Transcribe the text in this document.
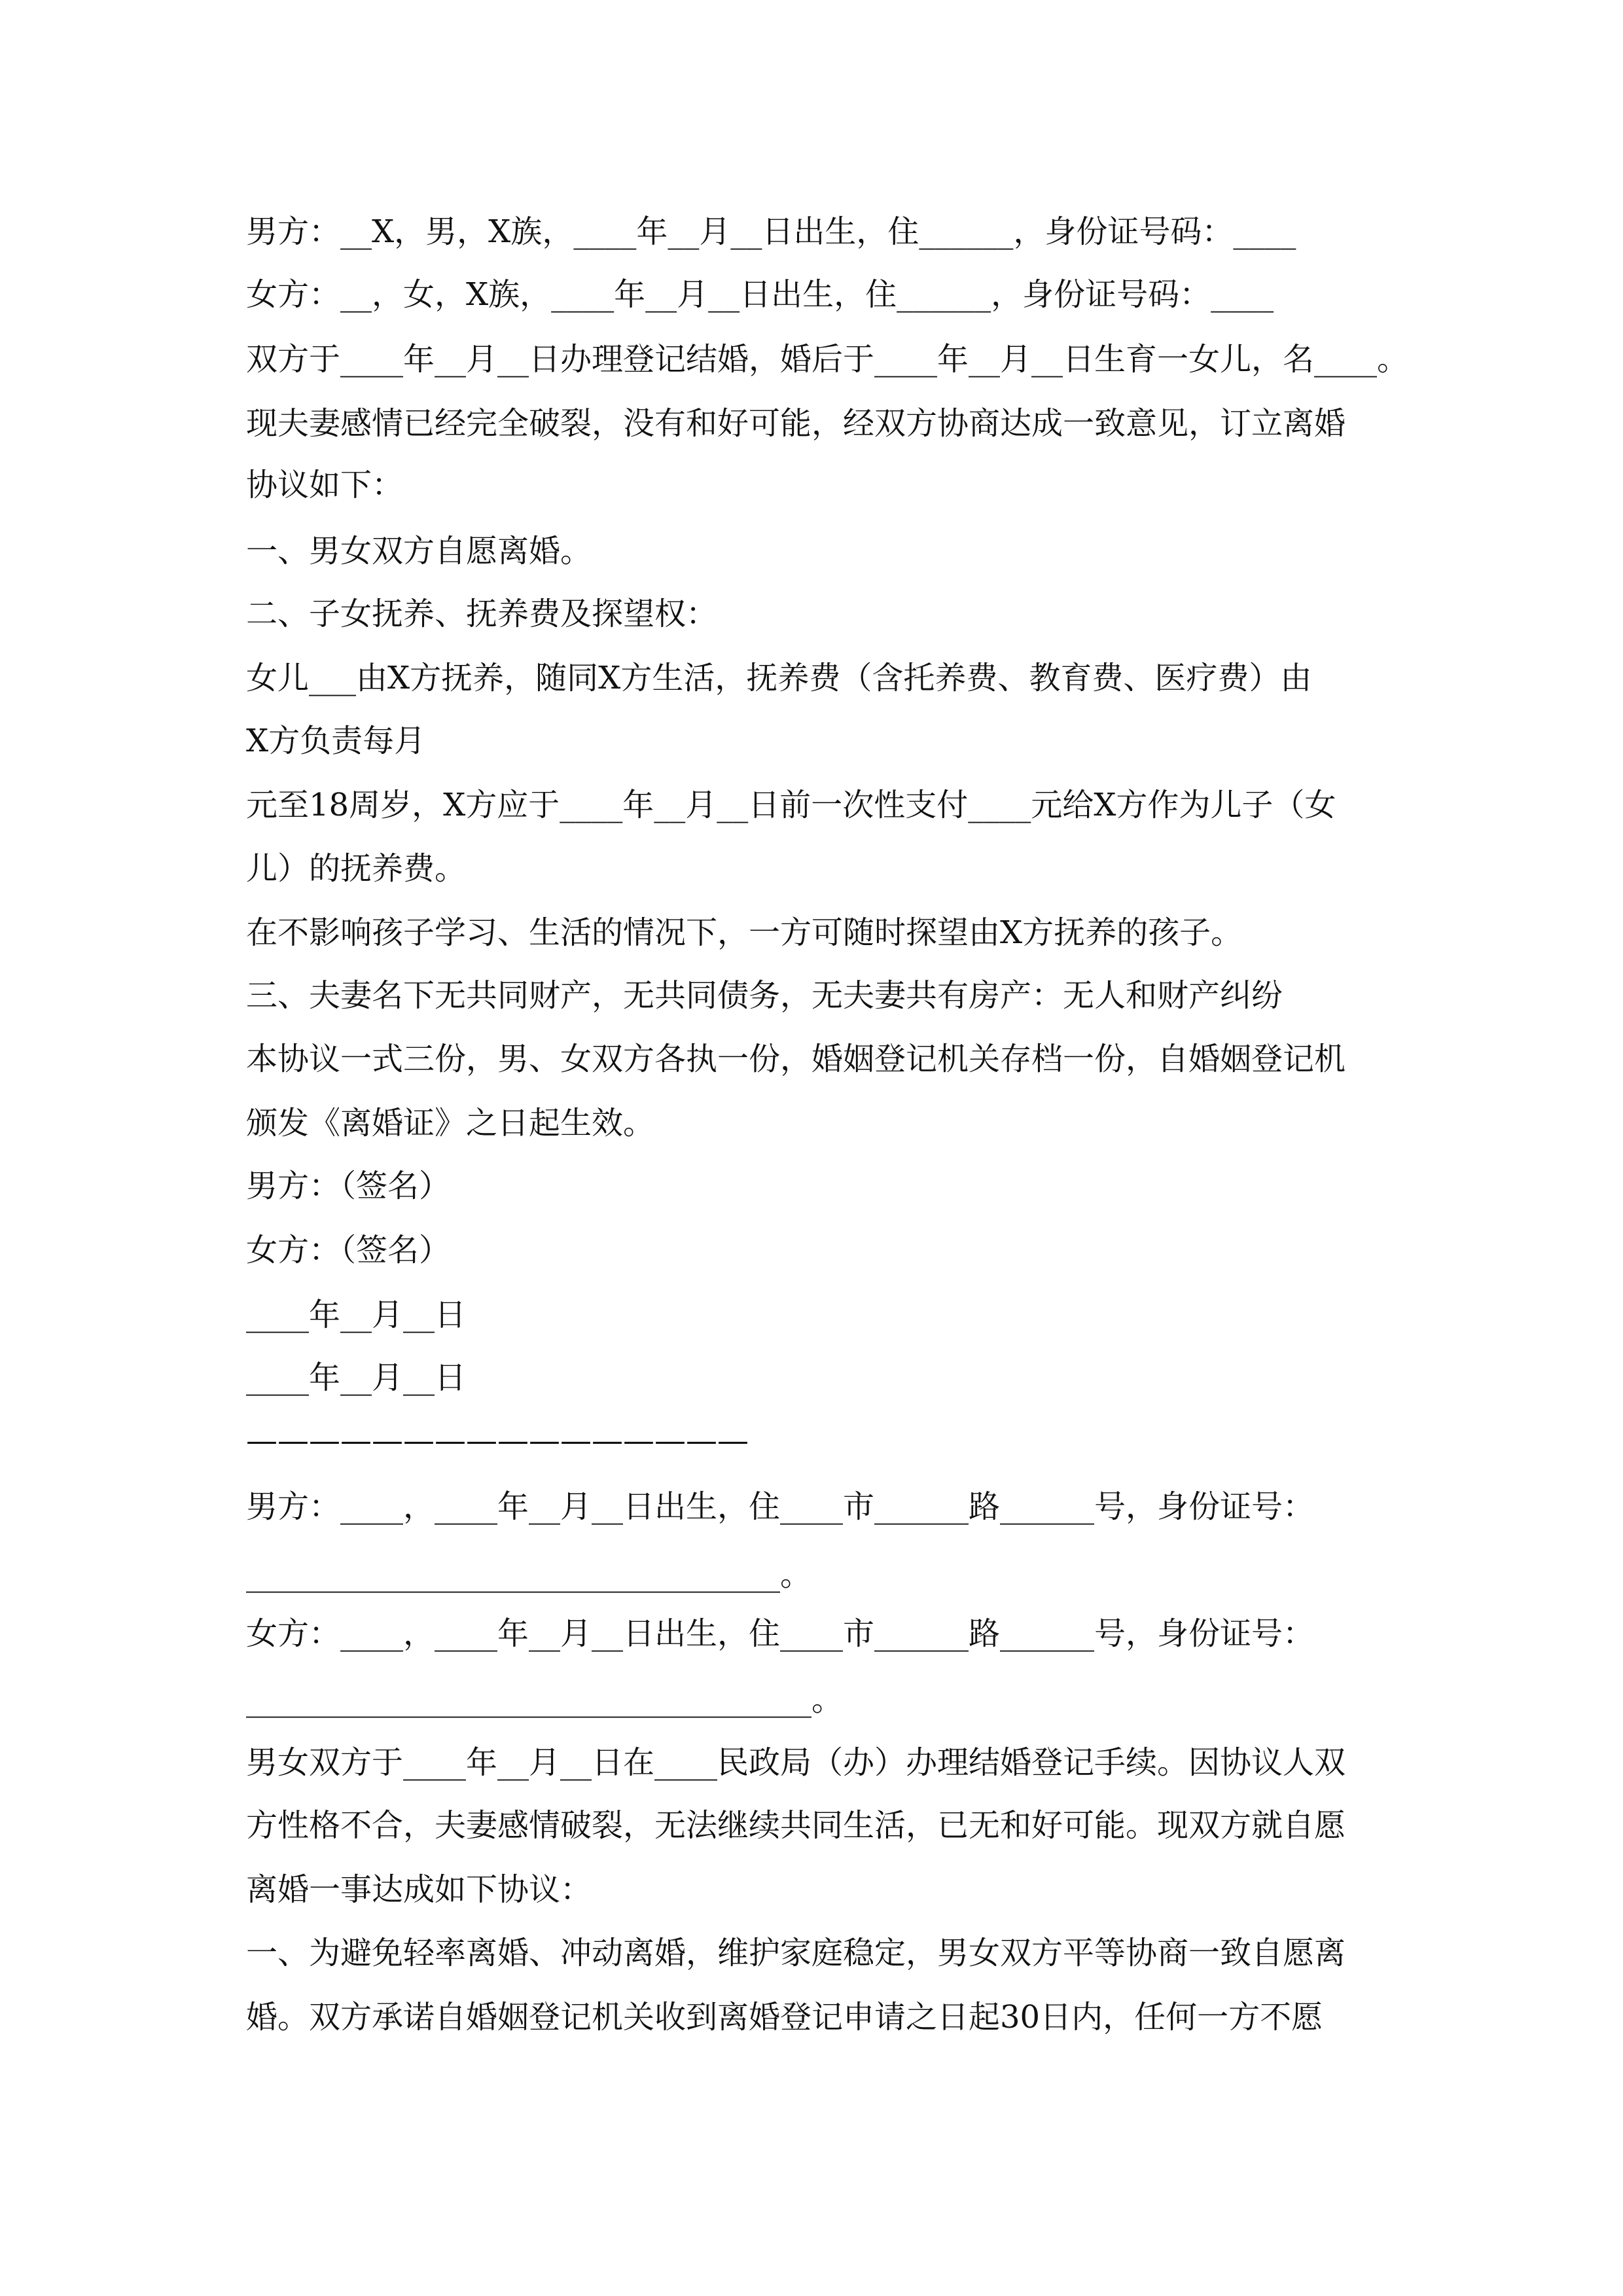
男方：__X，男，X族，____年__月__日出生，住______，身份证号码：____
女方：__，女，X族，____年__月__日出生，住______，身份证号码：____
双方于____年__月__日办理登记结婚，婚后于____年__月__日生育一女儿，名____。
现夫妻感情已经完全破裂，没有和好可能，经双方协商达成一致意见，订立离婚
协议如下：
一、男女双方自愿离婚。
二、子女抚养、抚养费及探望权：
女儿___由X方抚养，随同X方生活，抚养费（含托养费、教育费、医疗费）由
X方负责每月
元至18周岁，X方应于____年__月__日前一次性支付____元给X方作为儿子（女
儿）的抚养费。
在不影响孩子学习、生活的情况下，一方可随时探望由X方抚养的孩子。
三、夫妻名下无共同财产，无共同债务，无夫妻共有房产：无人和财产纠纷
本协议一式三份，男、女双方各执一份，婚姻登记机关存档一份，自婚姻登记机
颁发《离婚证》之日起生效。
男方：（签名）
女方：（签名）
____年__月__日
____年__月__日
————————————————
男方：____，____年__月__日出生，住____市______路______号，身份证号：
__________________________________。
女方：____，____年__月__日出生，住____市______路______号，身份证号：
____________________________________。
男女双方于____年__月__日在____民政局（办）办理结婚登记手续。因协议人双
方性格不合，夫妻感情破裂，无法继续共同生活，已无和好可能。现双方就自愿
离婚一事达成如下协议：
一、为避免轻率离婚、冲动离婚，维护家庭稳定，男女双方平等协商一致自愿离
婚。双方承诺自婚姻登记机关收到离婚登记申请之日起30日内，任何一方不愿
